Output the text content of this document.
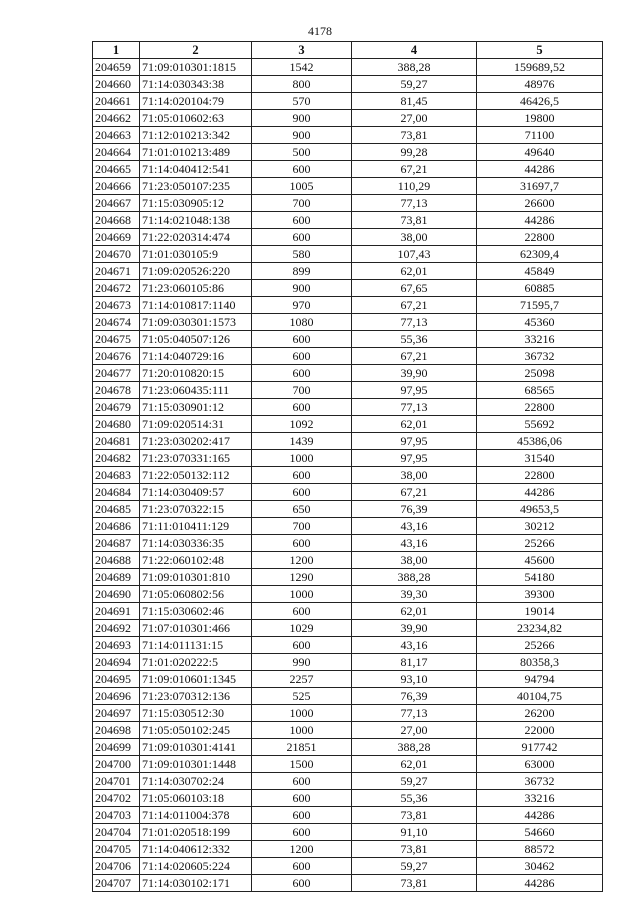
4178
1	2	3	4	5
204659	71:09:010301:1815	1542	388,28	159689,52
204660	71:14:030343:38	800	59,27	48976
204661	71:14:020104:79	570	81,45	46426,5
204662	71:05:010602:63	900	27,00	19800
204663	71:12:010213:342	900	73,81	71100
204664	71:01:010213:489	500	99,28	49640
204665	71:14:040412:541	600	67,21	44286
204666	71:23:050107:235	1005	110,29	31697,7
204667	71:15:030905:12	700	77,13	26600
204668	71:14:021048:138	600	73,81	44286
204669	71:22:020314:474	600	38,00	22800
204670	71:01:030105:9	580	107,43	62309,4
204671	71:09:020526:220	899	62,01	45849
204672	71:23:060105:86	900	67,65	60885
204673	71:14:010817:1140	970	67,21	71595,7
204674	71:09:030301:1573	1080	77,13	45360
204675	71:05:040507:126	600	55,36	33216
204676	71:14:040729:16	600	67,21	36732
204677	71:20:010820:15	600	39,90	25098
204678	71:23:060435:111	700	97,95	68565
204679	71:15:030901:12	600	77,13	22800
204680	71:09:020514:31	1092	62,01	55692
204681	71:23:030202:417	1439	97,95	45386,06
204682	71:23:070331:165	1000	97,95	31540
204683	71:22:050132:112	600	38,00	22800
204684	71:14:030409:57	600	67,21	44286
204685	71:23:070322:15	650	76,39	49653,5
204686	71:11:010411:129	700	43,16	30212
204687	71:14:030336:35	600	43,16	25266
204688	71:22:060102:48	1200	38,00	45600
204689	71:09:010301:810	1290	388,28	54180
204690	71:05:060802:56	1000	39,30	39300
204691	71:15:030602:46	600	62,01	19014
204692	71:07:010301:466	1029	39,90	23234,82
204693	71:14:011131:15	600	43,16	25266
204694	71:01:020222:5	990	81,17	80358,3
204695	71:09:010601:1345	2257	93,10	94794
204696	71:23:070312:136	525	76,39	40104,75
204697	71:15:030512:30	1000	77,13	26200
204698	71:05:050102:245	1000	27,00	22000
204699	71:09:010301:4141	21851	388,28	917742
204700	71:09:010301:1448	1500	62,01	63000
204701	71:14:030702:24	600	59,27	36732
204702	71:05:060103:18	600	55,36	33216
204703	71:14:011004:378	600	73,81	44286
204704	71:01:020518:199	600	91,10	54660
204705	71:14:040612:332	1200	73,81	88572
204706	71:14:020605:224	600	59,27	30462
204707	71:14:030102:171	600	73,81	44286
